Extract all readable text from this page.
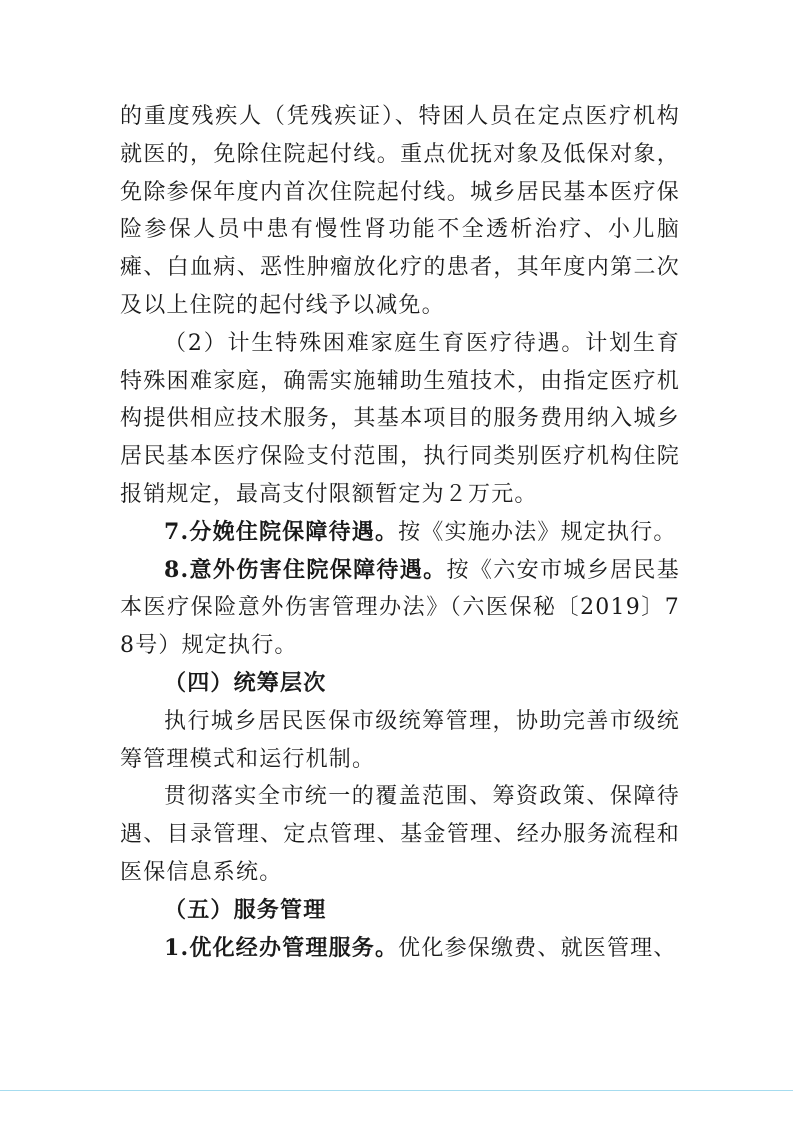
的重度残疾人（凭残疾证）、特困人员在定点医疗机构就医的，免除住院起付线。重点优抚对象及低保对象，免除参保年度内首次住院起付线。城乡居民基本医疗保险参保人员中患有慢性肾功能不全透析治疗、小儿脑瘫、白血病、恶性肿瘤放化疗的患者，其年度内第二次及以上住院的起付线予以减免。

（2）计生特殊困难家庭生育医疗待遇。计划生育特殊困难家庭，确需实施辅助生殖技术，由指定医疗机构提供相应技术服务，其基本项目的服务费用纳入城乡居民基本医疗保险支付范围，执行同类别医疗机构住院报销规定，最高支付限额暂定为２万元。

7.分娩住院保障待遇。按《实施办法》规定执行。

8.意外伤害住院保障待遇。按《六安市城乡居民基本医疗保险意外伤害管理办法》（六医保秘〔2019〕78号）规定执行。

（四）统筹层次

执行城乡居民医保市级统筹管理，协助完善市级统筹管理模式和运行机制。

贯彻落实全市统一的覆盖范围、筹资政策、保障待遇、目录管理、定点管理、基金管理、经办服务流程和医保信息系统。

（五）服务管理

1.优化经办管理服务。优化参保缴费、就医管理、
